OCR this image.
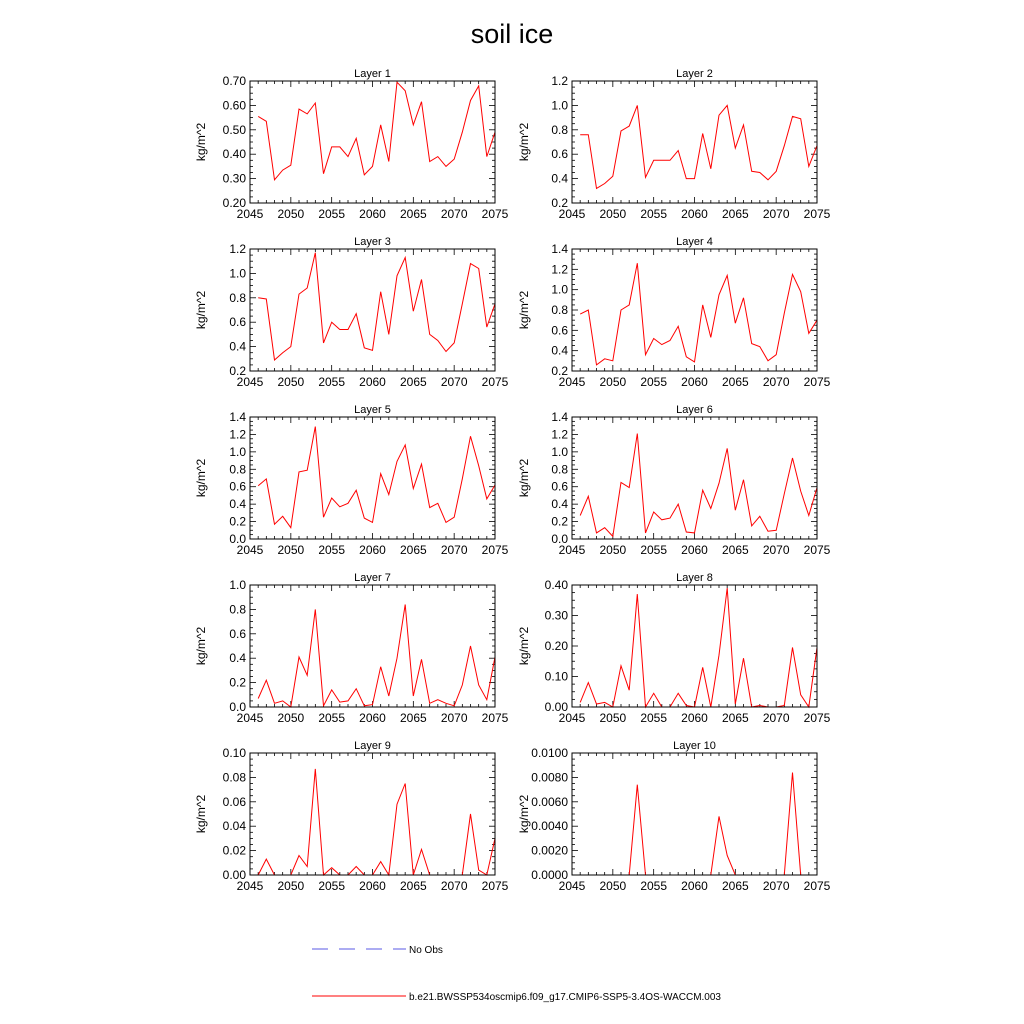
soil ice
Layer 1
2045 2050 2055 2060 2065 2070 2075
0.20
0.30
0.40
0.50
0.60
0.70
kg/m^2
Layer 2
2045 2050 2055 2060 2065 2070 2075
0.2
0.4
0.6
0.8
1.0
1.2
kg/m^2
Layer 3
2045 2050 2055 2060 2065 2070 2075
0.2
0.4
0.6
0.8
1.0
1.2
kg/m^2
Layer 4
2045 2050 2055 2060 2065 2070 2075
0.2
0.4
0.6
0.8
1.0
1.2
1.4
kg/m^2
Layer 5
2045 2050 2055 2060 2065 2070 2075
0.0
0.2
0.4
0.6
0.8
1.0
1.2
1.4
kg/m^2
Layer 6
2045 2050 2055 2060 2065 2070 2075
0.0
0.2
0.4
0.6
0.8
1.0
1.2
1.4
kg/m^2
Layer 7
2045 2050 2055 2060 2065 2070 2075
0.0
0.2
0.4
0.6
0.8
1.0
kg/m^2
Layer 8
2045 2050 2055 2060 2065 2070 2075
0.00
0.10
0.20
0.30
0.40
kg/m^2
Layer 9
2045 2050 2055 2060 2065 2070 2075
0.00
0.02
0.04
0.06
0.08
0.10
kg/m^2
Layer 10
2045 2050 2055 2060 2065 2070 2075
0.0000
0.0020
0.0040
0.0060
0.0080
0.0100
kg/m^2
No Obs
b.e21.BWSSP534oscmip6.f09_g17.CMIP6-SSP5-3.4OS-WACCM.003
